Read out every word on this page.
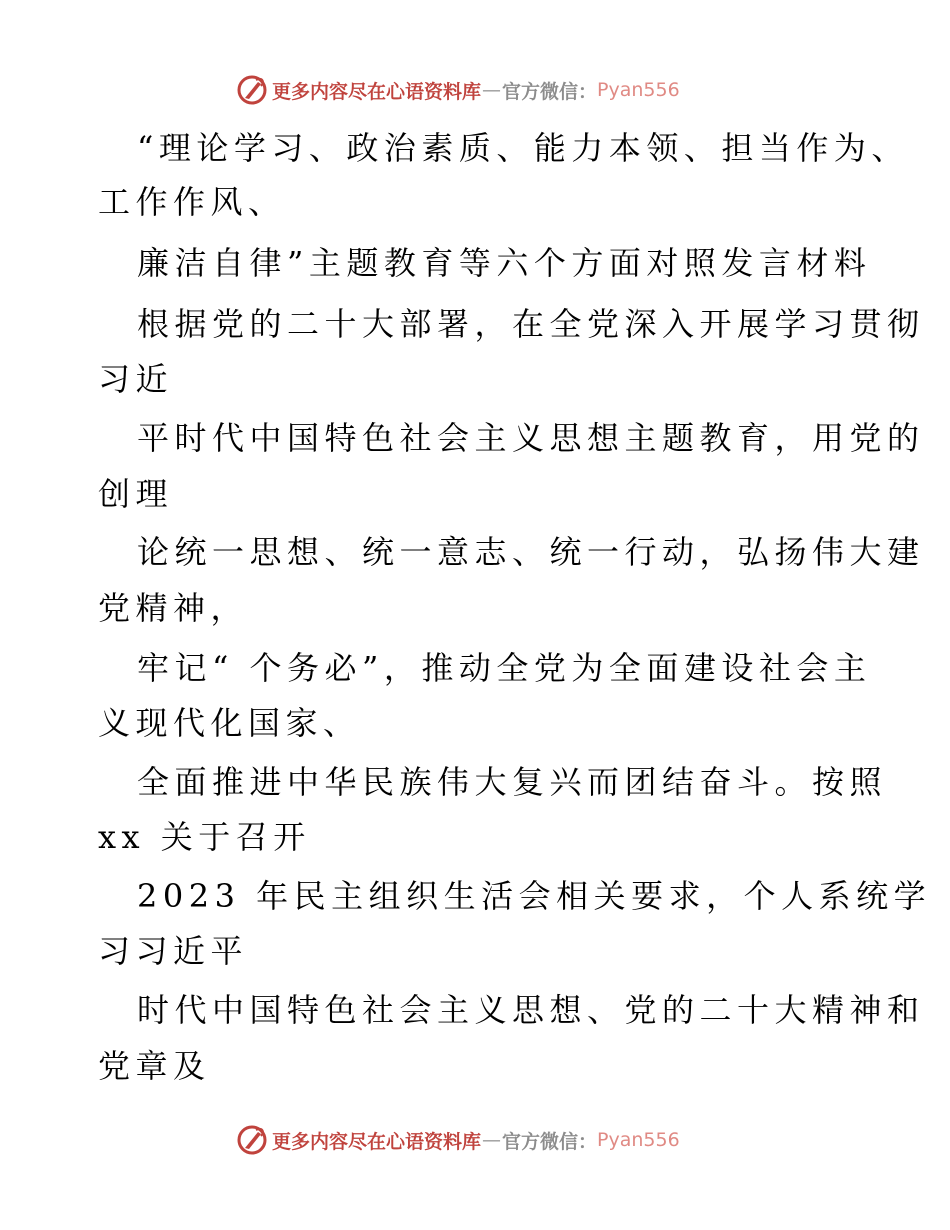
更多内容尽在心语资料库 — 官方微信： Pyan556
“理论学习、政治素质、能力本领、担当作为、
工作作风、
廉洁自律”主题教育等六个方面对照发言材料
根据党的二十大部署，在全党深入开展学习贯彻
习近
平时代中国特色社会主义思想主题教育，用党的
创理
论统一思想、统一意志、统一行动，弘扬伟大建
党精神，
牢记“ 个务必”，推动全党为全面建设社会主
义现代化国家、
全面推进中华民族伟大复兴而团结奋斗。按照
xx 关于召开
2023 年民主组织生活会相关要求，个人系统学
习习近平
时代中国特色社会主义思想、党的二十大精神和
党章及
更多内容尽在心语资料库 — 官方微信： Pyan556
